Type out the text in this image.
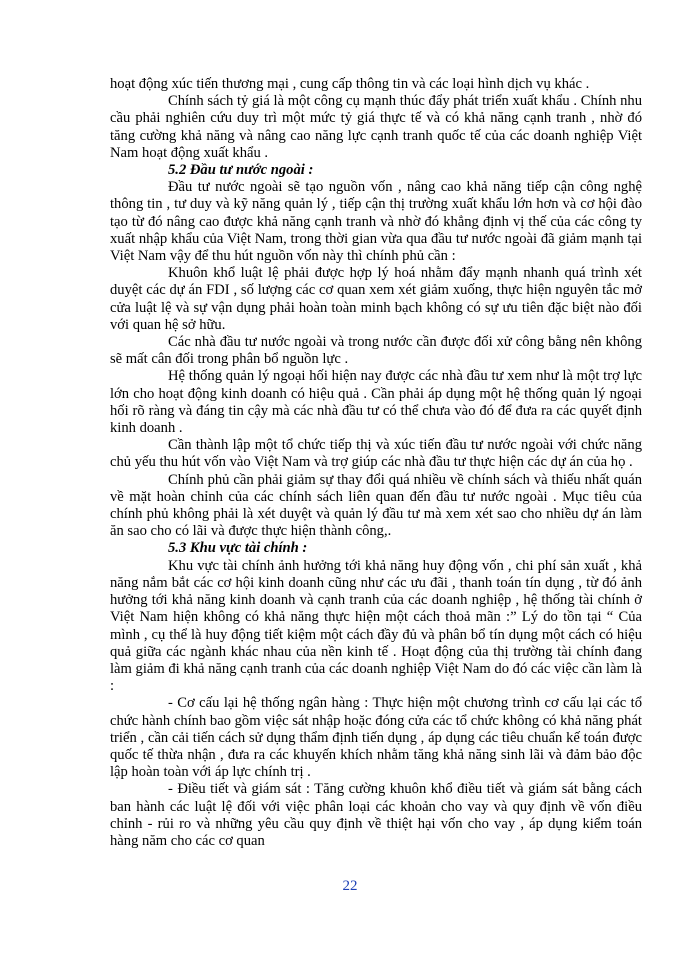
hoạt động xúc tiến thương mại , cung cấp thông tin và các loại hình dịch vụ khác .

Chính sách tỷ giá là một công cụ mạnh thúc đẩy phát triển xuất khẩu . Chính nhu cầu phải nghiên cứu duy trì một mức tỷ giá thực tế và có khả năng cạnh tranh , nhờ đó tăng cường khả năng và nâng cao năng lực cạnh tranh quốc tế của các doanh nghiệp Việt Nam hoạt động xuất khẩu .

5.2 Đầu tư nước ngoài :

Đầu tư nước ngoài sẽ tạo nguồn vốn , nâng cao khả năng tiếp cận công nghệ thông tin , tư duy và kỹ năng quản lý , tiếp cận thị trường xuất khẩu lớn hơn và cơ hội đào tạo từ đó nâng cao được khả năng cạnh tranh và nhờ đó khẳng định vị thế của các công ty xuất nhập khẩu của Việt Nam, trong thời gian vừa qua đầu tư nước ngoài đã giảm mạnh tại Việt Nam vậy để thu hút nguồn vốn này thì chính phủ cần :

Khuôn khổ luật lệ phải được hợp lý hoá nhằm đẩy mạnh nhanh quá trình xét duyệt các dự án FDI , số lượng các cơ quan xem xét giảm xuống, thực hiện nguyên tắc mở cửa luật lệ và sự vận dụng phải hoàn toàn minh bạch không có sự ưu tiên đặc biệt nào đối với quan hệ sở hữu.

Các nhà đầu tư nước ngoài và trong nước cần được đối xử công bằng nên không sẽ mất cân đối trong phân bổ nguồn lực .

Hệ thống quản lý ngoại hối hiện nay được các nhà đầu tư xem như là một trợ lực lớn cho hoạt động kinh doanh có hiệu quả . Cần phải áp dụng một hệ thống quản lý ngoại hối rõ ràng và đáng tin cậy mà các nhà đầu tư có thể chưa vào đó để đưa ra các quyết định kinh doanh .

Cần thành lập một tổ chức tiếp thị và xúc tiến đầu tư nước ngoài với chức năng chủ yếu thu hút vốn vào Việt Nam và trợ giúp các nhà đầu tư thực hiện các dự án của họ .

Chính phủ cần phải giảm sự thay đổi quá nhiều về chính sách và thiếu nhất quán về mặt hoàn chỉnh của các chính sách liên quan đến đầu tư nước ngoài . Mục tiêu của chính phủ không phải là xét duyệt và quản lý đầu tư mà xem xét sao cho nhiều dự án làm ăn sao cho có lãi và được thực hiện thành công,.

5.3 Khu vực tài chính :

Khu vực tài chính ảnh hưởng tới khả năng huy động vốn , chi phí sản xuất , khả năng nắm bắt các cơ hội kinh doanh cũng như các ưu đãi , thanh toán tín dụng , từ đó ảnh hưởng tới khả năng kinh doanh và cạnh tranh của các doanh nghiệp , hệ thống tài chính ở Việt Nam hiện không có khả năng thực hiện một cách thoả mãn :” Lý do tồn tại “ Của mình , cụ thể là huy động tiết kiệm một cách đầy đủ và phân bổ tín dụng một cách có hiệu quả giữa các ngành khác nhau của nền kinh tế . Hoạt động của thị trường tài chính đang làm giảm đi khả năng cạnh tranh của các doanh nghiệp Việt Nam do đó các việc cần làm là :

- Cơ cấu lại hệ thống ngân hàng : Thực hiện một chương trình cơ cấu lại các tổ chức hành chính bao gồm việc sát nhập hoặc đóng cửa các tổ chức không có khả năng phát triển , cần cải tiến cách sử dụng thẩm định tiến dụng , áp dụng các tiêu chuẩn kế toán được quốc tế thừa nhận , đưa ra các khuyến khích nhằm tăng khả năng sinh lãi và đảm bảo độc lập hoàn toàn với áp lực chính trị .

- Điều tiết và giám sát : Tăng cường khuôn khổ điều tiết và giám sát bằng cách ban hành các luật lệ đối với việc phân loại các khoản cho vay và quy định về vốn điều chỉnh - rủi ro và những yêu cầu quy định về thiệt hại vốn cho vay , áp dụng kiểm toán hàng năm cho các cơ quan

22
